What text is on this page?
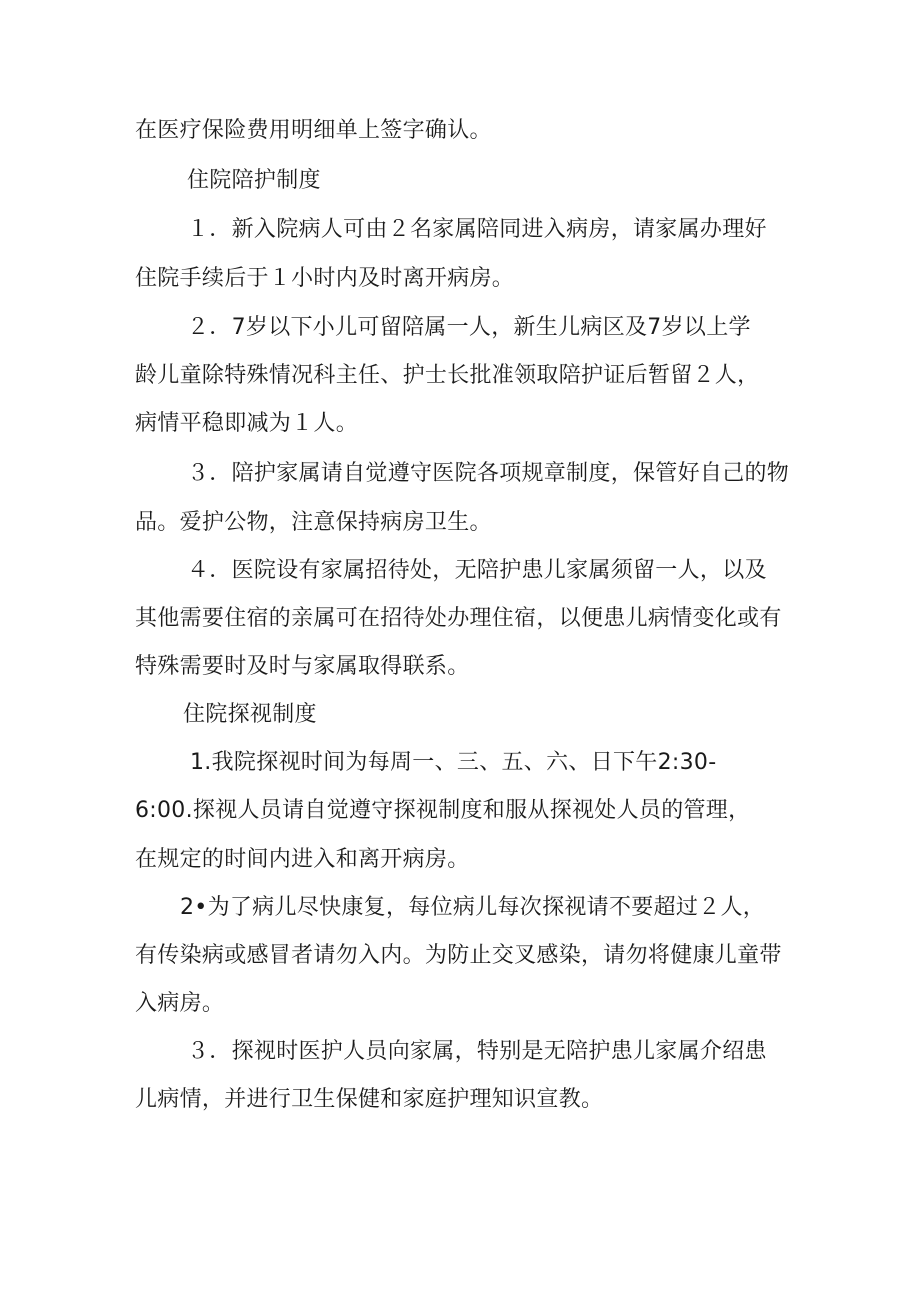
在医疗保险费用明细单上签字确认。
住院陪护制度
１．新入院病人可由２名家属陪同进入病房，请家属办理好
住院手续后于１小时内及时离开病房。
２．7岁以下小儿可留陪属一人，新生儿病区及7岁以上学
龄儿童除特殊情况科主任、护士长批准领取陪护证后暂留２人，
病情平稳即减为１人。
３．陪护家属请自觉遵守医院各项规章制度，保管好自己的物
品。爱护公物，注意保持病房卫生。
４．医院设有家属招待处，无陪护患儿家属须留一人，以及
其他需要住宿的亲属可在招待处办理住宿，以便患儿病情变化或有
特殊需要时及时与家属取得联系。
住院探视制度
1.我院探视时间为每周一、三、五、六、日下午2:30-
6:00.探视人员请自觉遵守探视制度和服从探视处人员的管理，
在规定的时间内进入和离开病房。
2•为了病儿尽快康复，每位病儿每次探视请不要超过２人，
有传染病或感冒者请勿入内。为防止交叉感染，请勿将健康儿童带
入病房。
３．探视时医护人员向家属，特别是无陪护患儿家属介绍患
儿病情，并进行卫生保健和家庭护理知识宣教。
